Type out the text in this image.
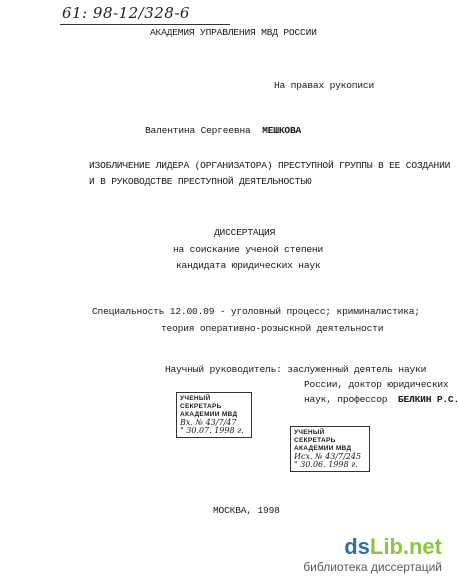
61: 98-12/328-6
АКАДЕМИЯ УПРАВЛЕНИЯ МВД РОССИИ
На правах рукописи
Валентина Сергеевна МЕШКОВА
ИЗОБЛИЧЕНИЕ ЛИДЕРА (ОРГАНИЗАТОРА) ПРЕСТУПНОЙ ГРУППЫ В ЕЕ СОЗДАНИИ
И В РУКОВОДСТВЕ ПРЕСТУПНОЙ ДЕЯТЕЛЬНОСТЬЮ
ДИССЕРТАЦИЯ
на соискание ученой степени
кандидата юридических наук
Специальность 12.00.09 - уголовный процесс; криминалистика;
теория оперативно-розыскной деятельности
Научный руководитель: заслуженный деятель науки
России, доктор юридических
наук, профессор БЕЛКИН Р.С.
УЧЕНЫЙ СЕКРЕТАРЬ
АКАДЕМИИ МВД
Вх. № 43/7/47
" 30.07. 1998 г.	УЧЕНЫЙ СЕКРЕТАРЬ
АКАДЕМИИ МВД
Исх. № 43/7/245
" 30.06. 1998 г.
МОСКВА, 1998
dsLib.net
библиотека диссертаций
